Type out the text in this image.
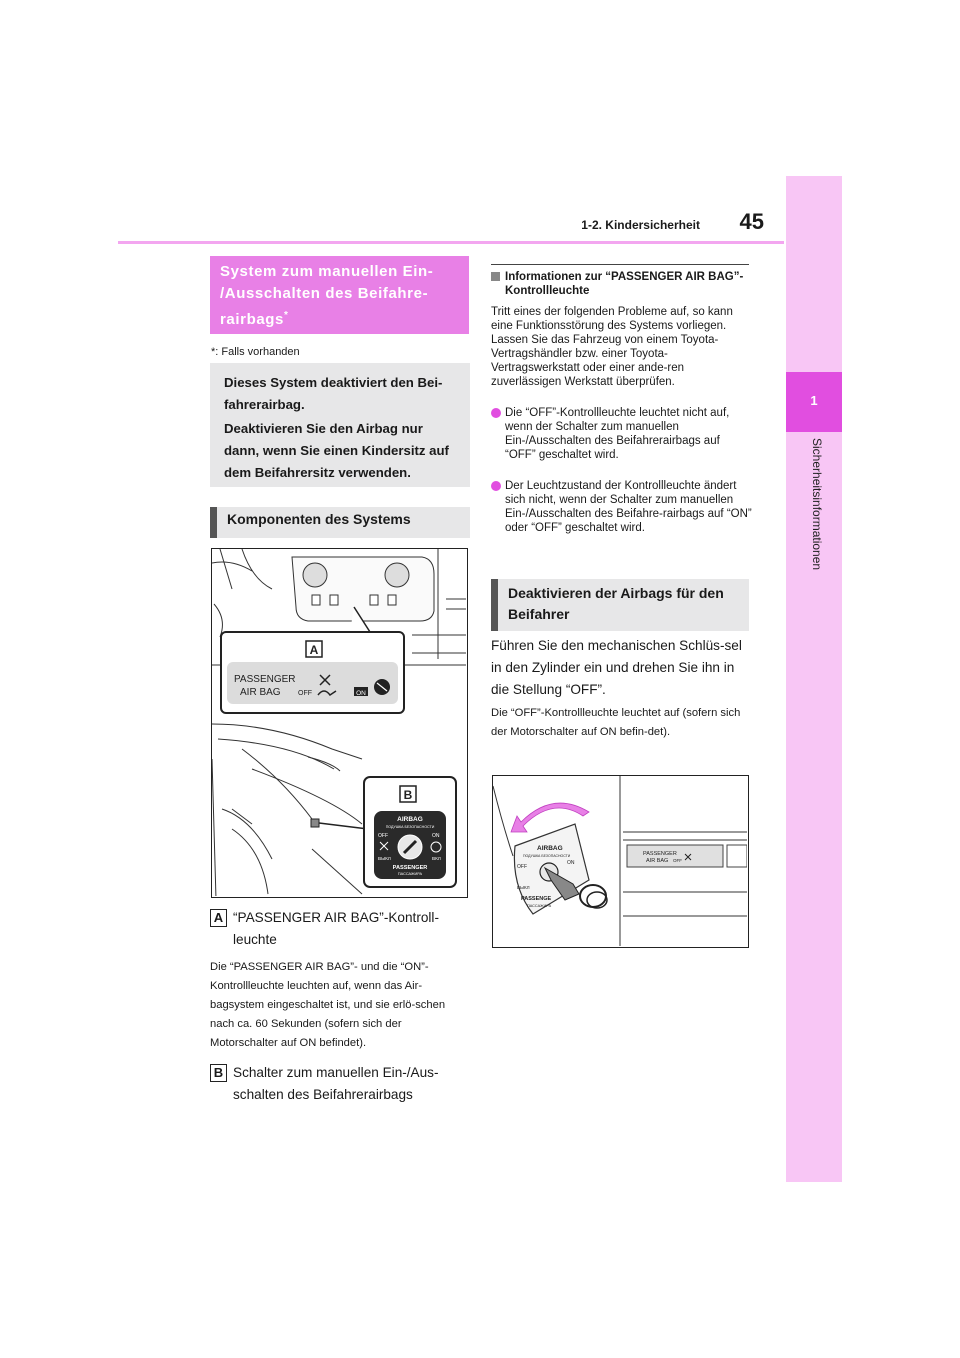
1-2. Kindersicherheit	45
1
Sicherheitsinformationen
System zum manuellen Ein-
/Ausschalten des Beifahre-
rairbags*
*: Falls vorhanden

Dieses System deaktiviert den Bei-fahrerairbag.

Deaktivieren Sie den Airbag nur dann, wenn Sie einen Kindersitz auf dem Beifahrersitz verwenden.

Komponenten des Systems
A
PASSENGER
AIR BAG OFF	ON
B
AIRBAG
ПОДУШКА БЕЗОПАСНОСТИ
OFF	ON
ВЫКЛ	ВКЛ
PASSENGER
ПАССАЖИРА
A “PASSENGER AIR BAG”-Kontroll-leuchte
Die “PASSENGER AIR BAG”- und die “ON”-Kontrollleuchte leuchten auf, wenn das Air-bagsystem eingeschaltet ist, und sie erlö-schen nach ca. 60 Sekunden (sofern sich der Motorschalter auf ON befindet).
B Schalter zum manuellen Ein-/Aus-schalten des Beifahrerairbags
Informationen zur “PASSENGER AIR BAG”-Kontrollleuchte
Tritt eines der folgenden Probleme auf, so kann eine Funktionsstörung des Systems vorliegen. Lassen Sie das Fahrzeug von einem Toyota-Vertragshändler bzw. einer Toyota-Vertragswerkstatt oder einer ande-ren zuverlässigen Werkstatt überprüfen.
Die “OFF”-Kontrollleuchte leuchtet nicht auf, wenn der Schalter zum manuellen Ein-/Ausschalten des Beifahrerairbags auf “OFF” geschaltet wird.
Der Leuchtzustand der Kontrollleuchte ändert sich nicht, wenn der Schalter zum manuellen Ein-/Ausschalten des Beifahre-rairbags auf “ON” oder “OFF” geschaltet wird.
Deaktivieren der Airbags für den Beifahrer
Führen Sie den mechanischen Schlüs-sel in den Zylinder ein und drehen Sie ihn in die Stellung “OFF”.
Die “OFF”-Kontrollleuchte leuchtet auf (sofern sich der Motorschalter auf ON befin-det).
PASSENGER
AIR BAG OFF
AIRBAG
ПОДУШКА БЕЗОПАСНОСТИ
OFF
ON
ВЫКЛ
PASSENGE
ПАССАЖИРА
